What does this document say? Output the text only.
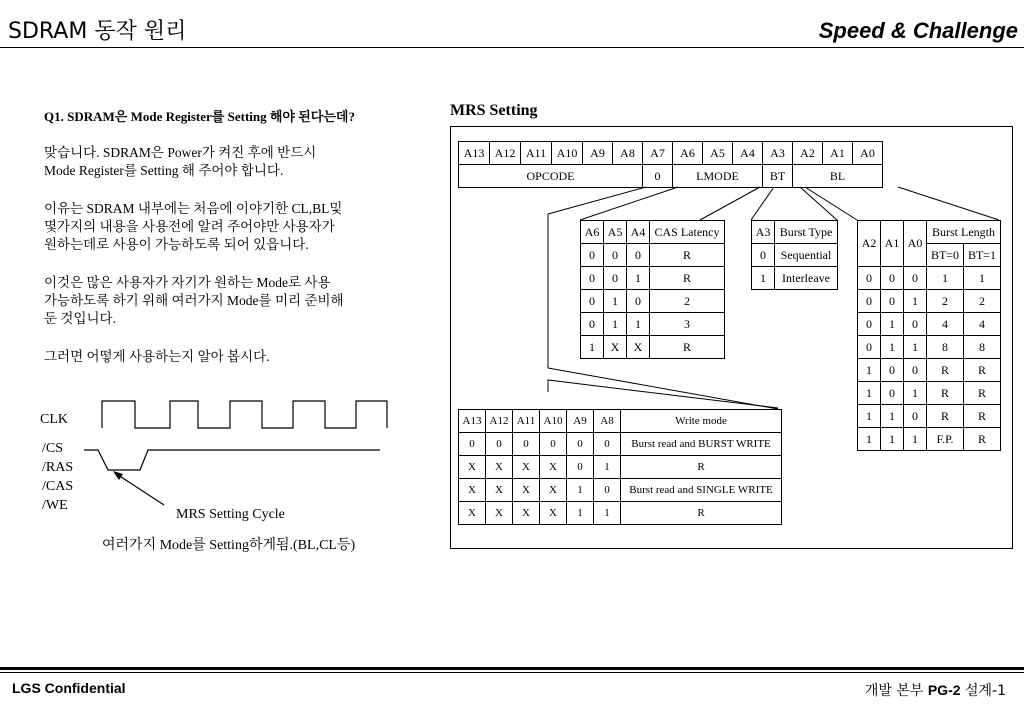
SDRAM 동작 원리	Speed & Challenge
Q1. SDRAM은 Mode Register를 Setting 해야 된다는데?
맞습니다. SDRAM은 Power가 켜진 후에 반드시
Mode Register를 Setting 해 주어야 합니다.
이유는 SDRAM 내부에는 처음에 이야기한 CL,BL및
몇가지의 내용을 사용전에 알려 주어야만 사용자가
원하는데로 사용이 가능하도록 되어 있읍니다.
이것은 많은 사용자가 자기가 원하는 Mode로 사용
가능하도록 하기 위해 여러가지 Mode를 미리 준비해
둔 것입니다.
그러면 어떻게 사용하는지 알아 봅시다.
CLK
/CS
/RAS
/CAS
/WE
MRS Setting Cycle
여러가지 Mode를 Setting하게됨.(BL,CL등)
MRS Setting
A13	A12	A11	A10	A9	A8	A7	A6	A5	A4	A3	A2	A1	A0
OPCODE						0	LMODE			BT	BL		
A6	A5	A4	CAS Latency
0	0	0	R
0	0	1	R
0	1	0	2
0	1	1	3
1	X	X	R
A3	Burst Type
0	Sequential
1	Interleave
A2	A1	A0	Burst Length	
			BT=0	BT=1
0	0	0	1	1
0	0	1	2	2
0	1	0	4	4
0	1	1	8	8
1	0	0	R	R
1	0	1	R	R
1	1	0	R	R
1	1	1	F.P.	R
A13	A12	A11	A10	A9	A8	Write mode
0	0	0	0	0	0	Burst read and BURST WRITE
X	X	X	X	0	1	R
X	X	X	X	1	0	Burst read and SINGLE WRITE
X	X	X	X	1	1	R
LGS Confidential	개발 본부 PG-2 설계-1
